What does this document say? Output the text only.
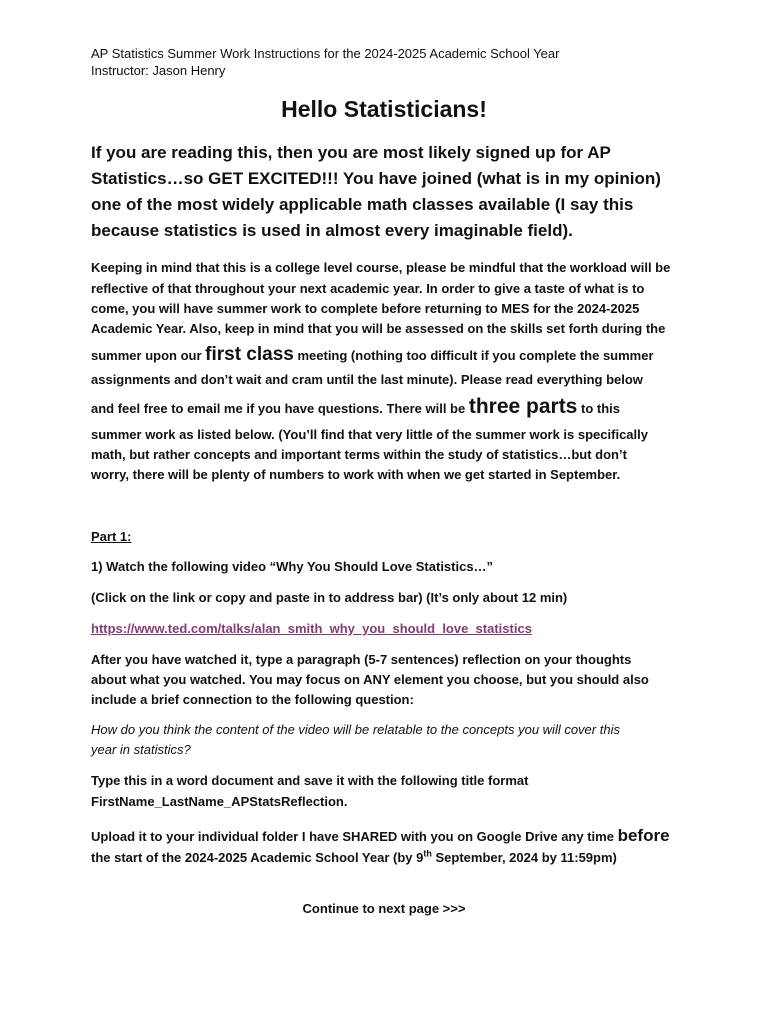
AP Statistics Summer Work Instructions for the 2024-2025 Academic School Year
Instructor: Jason Henry
Hello Statisticians!
If you are reading this, then you are most likely signed up for AP Statistics…so GET EXCITED!!! You have joined (what is in my opinion) one of the most widely applicable math classes available (I say this because statistics is used in almost every imaginable field).
Keeping in mind that this is a college level course, please be mindful that the workload will be
reflective of that throughout your next academic year. In order to give a taste of what is to
come, you will have summer work to complete before returning to MES for the 2024-2025
Academic Year. Also, keep in mind that you will be assessed on the skills set forth during the
summer upon our first class meeting (nothing too difficult if you complete the summer
assignments and don’t wait and cram until the last minute). Please read everything below
and feel free to email me if you have questions. There will be three parts to this
summer work as listed below. (You’ll find that very little of the summer work is specifically
math, but rather concepts and important terms within the study of statistics…but don’t
worry, there will be plenty of numbers to work with when we get started in September.
Part 1:
1) Watch the following video “Why You Should Love Statistics…”
(Click on the link or copy and paste in to address bar) (It’s only about 12 min)
https://www.ted.com/talks/alan_smith_why_you_should_love_statistics
After you have watched it, type a paragraph (5-7 sentences) reflection on your thoughts
about what you watched. You may focus on ANY element you choose, but you should also
include a brief connection to the following question:
How do you think the content of the video will be relatable to the concepts you will cover this
year in statistics?
Type this in a word document and save it with the following title format
FirstName_LastName_APStatsReflection.
Upload it to your individual folder I have SHARED with you on Google Drive any time before
the start of the 2024-2025 Academic School Year (by 9th September, 2024 by 11:59pm)
Continue to next page >>>
